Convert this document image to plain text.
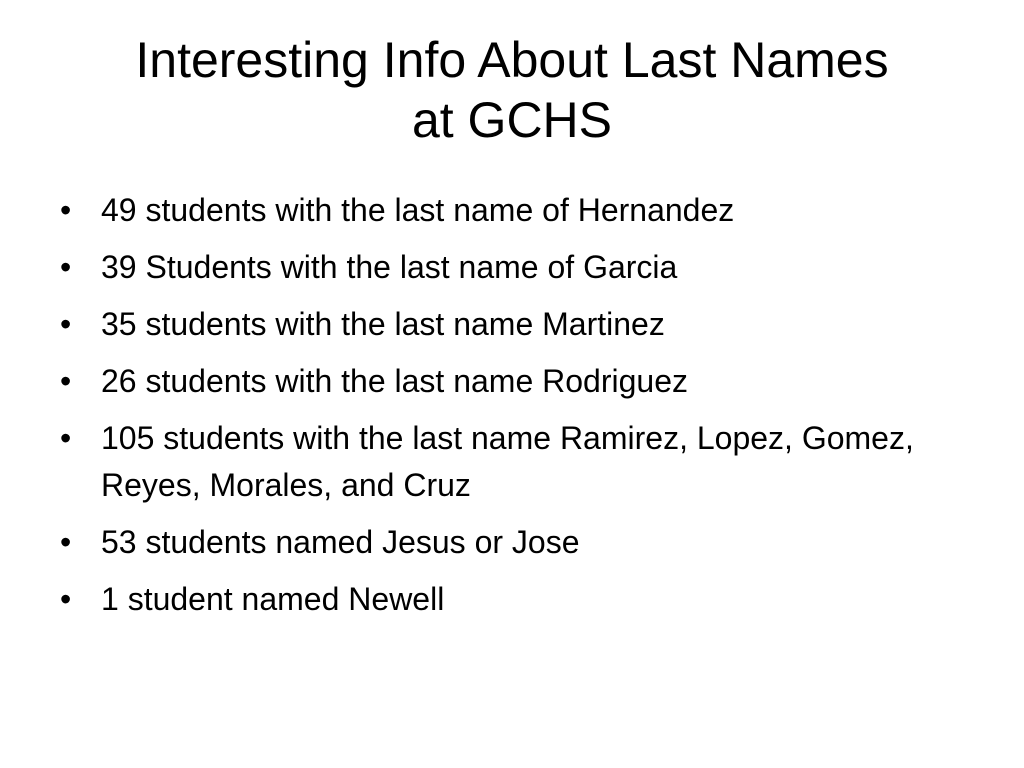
Interesting Info About Last Names
at GCHS
• 49 students with the last name of Hernandez
• 39 Students with the last name of Garcia
• 35 students with the last name Martinez
• 26 students with the last name Rodriguez
• 105 students with the last name Ramirez, Lopez, Gomez, Reyes, Morales, and Cruz
• 53 students named Jesus or Jose
• 1 student named Newell
